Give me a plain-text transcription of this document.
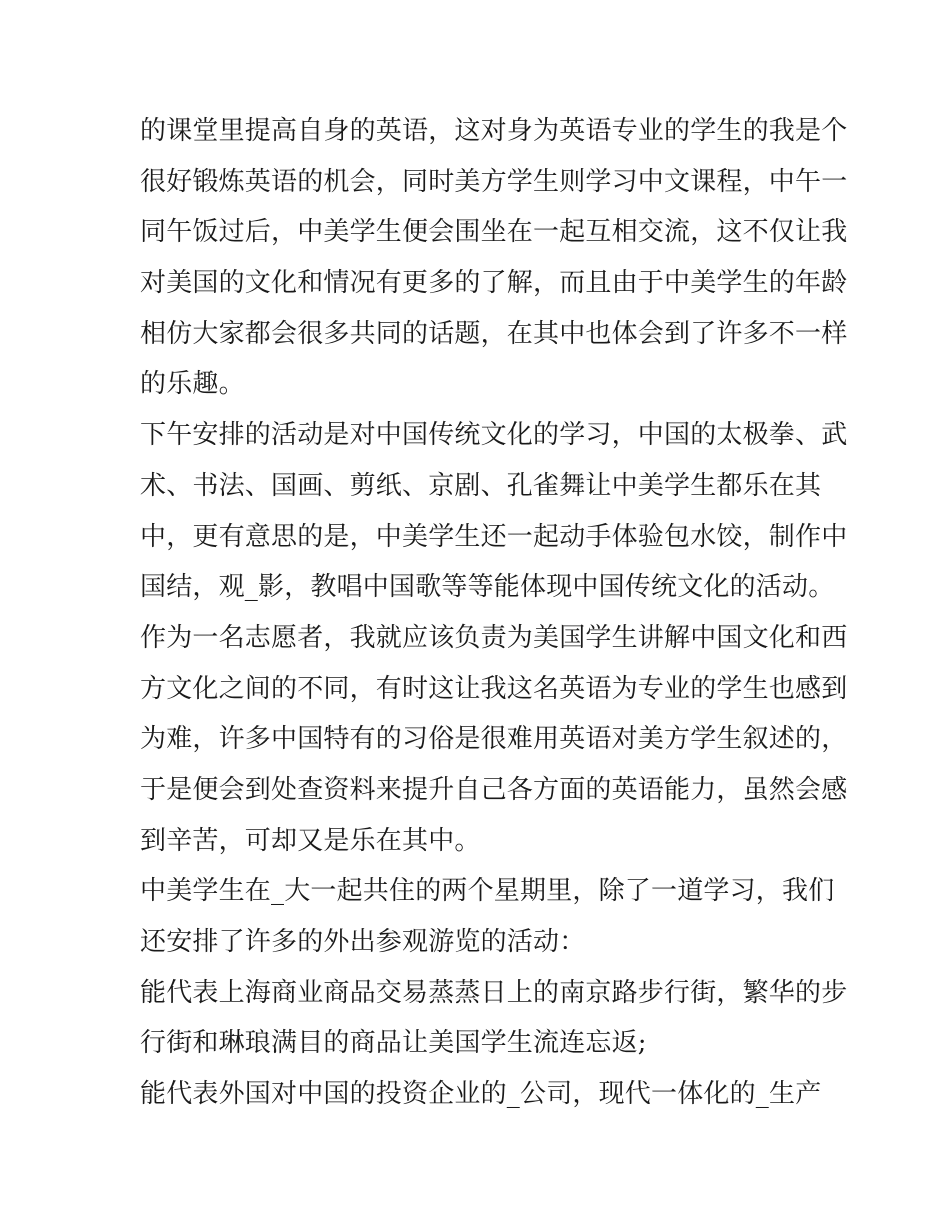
的课堂里提高自身的英语，这对身为英语专业的学生的我是个
很好锻炼英语的机会，同时美方学生则学习中文课程，中午一
同午饭过后，中美学生便会围坐在一起互相交流，这不仅让我
对美国的文化和情况有更多的了解，而且由于中美学生的年龄
相仿大家都会很多共同的话题，在其中也体会到了许多不一样
的乐趣。
下午安排的活动是对中国传统文化的学习，中国的太极拳、武
术、书法、国画、剪纸、京剧、孔雀舞让中美学生都乐在其
中，更有意思的是，中美学生还一起动手体验包水饺，制作中
国结，观_影，教唱中国歌等等能体现中国传统文化的活动。
作为一名志愿者，我就应该负责为美国学生讲解中国文化和西
方文化之间的不同，有时这让我这名英语为专业的学生也感到
为难，许多中国特有的习俗是很难用英语对美方学生叙述的，
于是便会到处查资料来提升自己各方面的英语能力，虽然会感
到辛苦，可却又是乐在其中。
中美学生在_大一起共住的两个星期里，除了一道学习，我们
还安排了许多的外出参观游览的活动：
能代表上海商业商品交易蒸蒸日上的南京路步行街，繁华的步
行街和琳琅满目的商品让美国学生流连忘返;
能代表外国对中国的投资企业的_公司，现代一体化的_生产
